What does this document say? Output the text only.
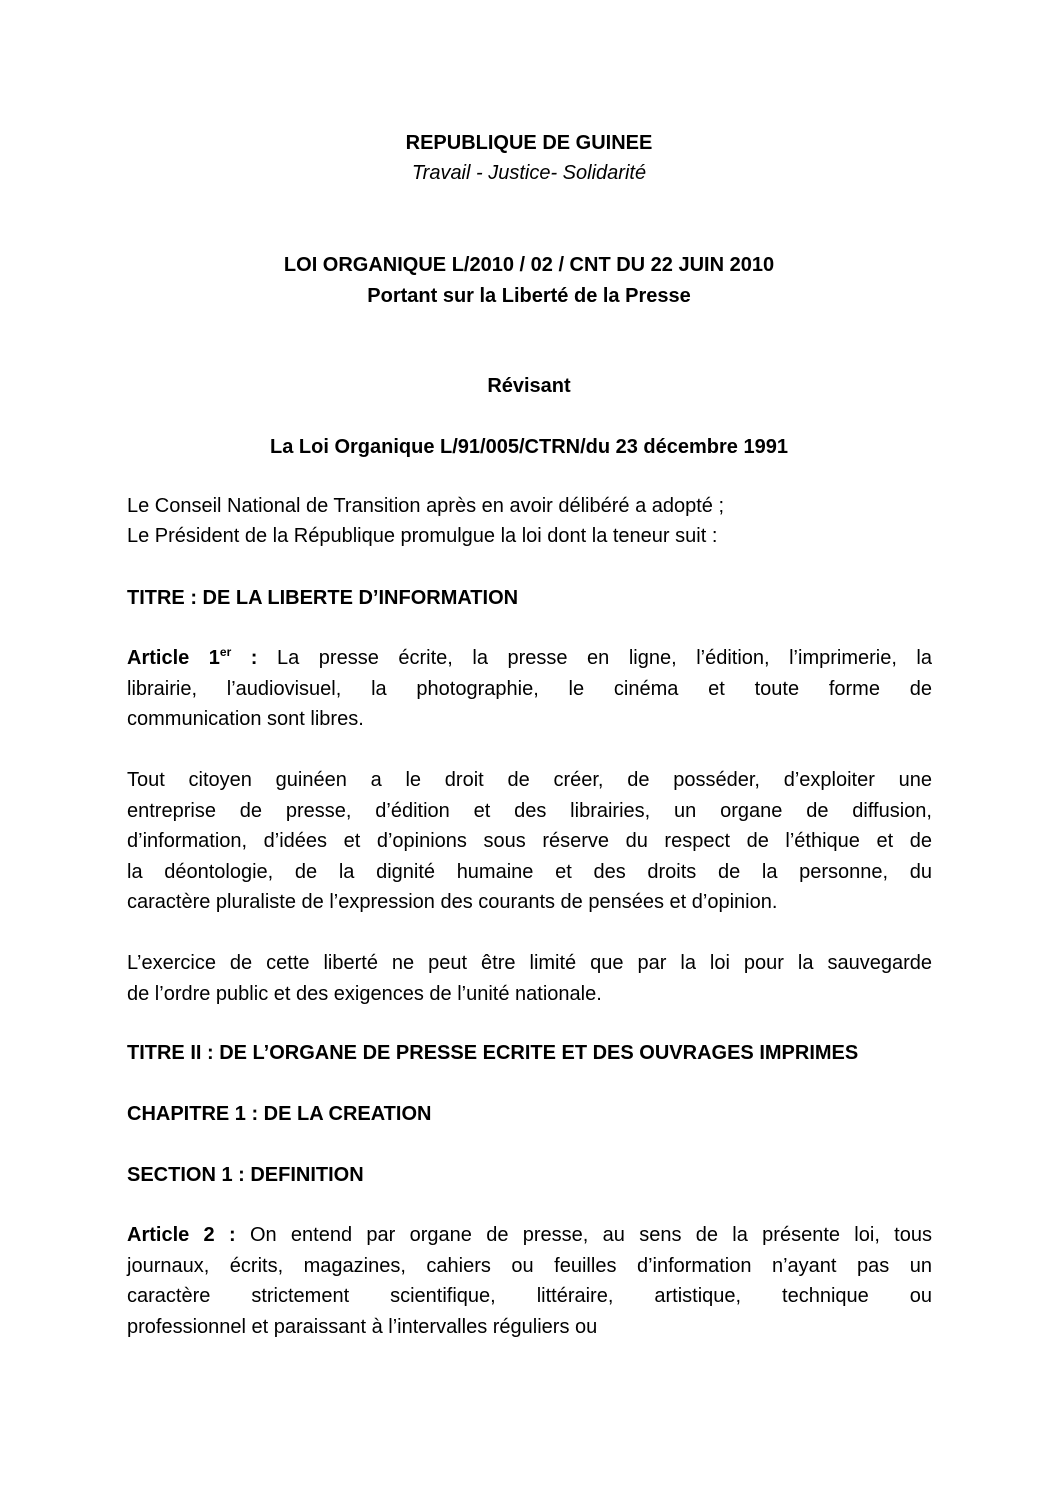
REPUBLIQUE DE GUINEE
Travail - Justice- Solidarité
LOI ORGANIQUE L/2010 / 02 / CNT DU 22 JUIN 2010
Portant sur la Liberté de la Presse
Révisant
La Loi Organique L/91/005/CTRN/du 23 décembre 1991
Le Conseil National de Transition après en avoir délibéré a adopté ;
Le Président de la République promulgue la loi dont la teneur suit :
TITRE : DE LA LIBERTE D’INFORMATION
Article 1er : La presse écrite, la presse en ligne, l’édition, l’imprimerie, la
librairie, l’audiovisuel, la photographie, le cinéma et toute forme de
communication sont libres.
Tout citoyen guinéen a le droit de créer, de posséder, d’exploiter une
entreprise de presse, d’édition et des librairies, un organe de diffusion,
d’information, d’idées et d’opinions sous réserve du respect de l’éthique et de
la déontologie, de la dignité humaine et des droits de la personne, du
caractère pluraliste de l’expression des courants de pensées et d’opinion.
L’exercice de cette liberté ne peut être limité que par la loi pour la sauvegarde
de l’ordre public et des exigences de l’unité nationale.
TITRE II : DE L’ORGANE DE PRESSE ECRITE ET DES OUVRAGES IMPRIMES
CHAPITRE 1 : DE LA CREATION
SECTION 1 : DEFINITION
Article 2 : On entend par organe de presse, au sens de la présente loi, tous
journaux, écrits, magazines, cahiers ou feuilles d’information n’ayant pas un
caractère strictement scientifique, littéraire, artistique, technique ou
professionnel et paraissant à l’intervalles réguliers ou
